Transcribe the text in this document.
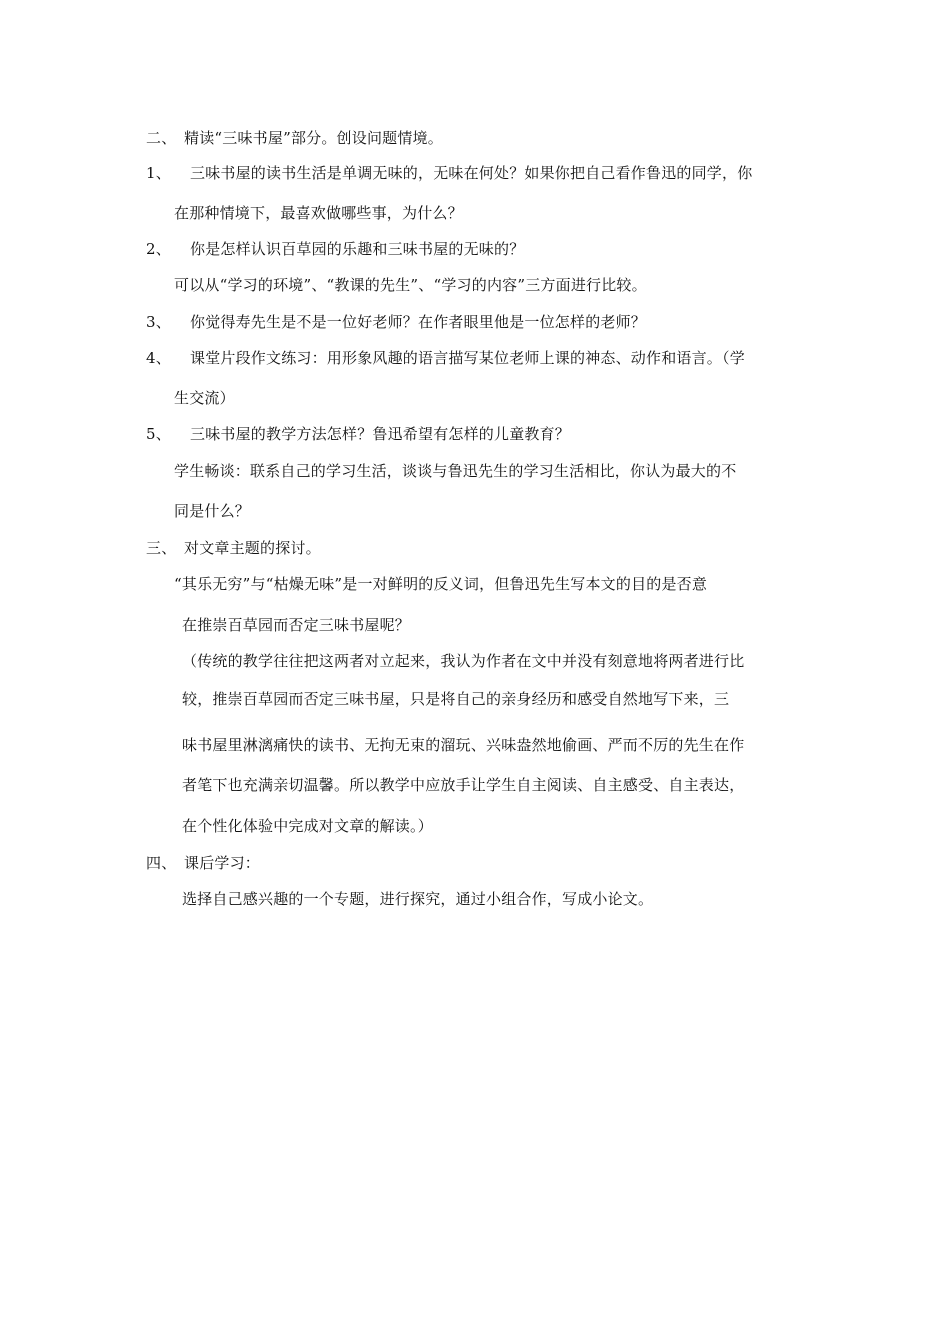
二、 精读“三味书屋”部分。创设问题情境。
1、 三味书屋的读书生活是单调无味的，无味在何处？如果你把自己看作鲁迅的同学，你
在那种情境下，最喜欢做哪些事，为什么？
2、 你是怎样认识百草园的乐趣和三味书屋的无味的？
可以从“学习的环境”、“教课的先生”、“学习的内容”三方面进行比较。
3、 你觉得寿先生是不是一位好老师？在作者眼里他是一位怎样的老师？
4、 课堂片段作文练习：用形象风趣的语言描写某位老师上课的神态、动作和语言。（学
生交流）
5、 三味书屋的教学方法怎样？鲁迅希望有怎样的儿童教育？
学生畅谈：联系自己的学习生活，谈谈与鲁迅先生的学习生活相比，你认为最大的不
同是什么？
三、 对文章主题的探讨。
“其乐无穷”与“枯燥无味”是一对鲜明的反义词，但鲁迅先生写本文的目的是否意
在推崇百草园而否定三味书屋呢？
（传统的教学往往把这两者对立起来，我认为作者在文中并没有刻意地将两者进行比
较，推崇百草园而否定三味书屋，只是将自己的亲身经历和感受自然地写下来，三
味书屋里淋漓痛快的读书、无拘无束的溜玩、兴味盎然地偷画、严而不厉的先生在作
者笔下也充满亲切温馨。所以教学中应放手让学生自主阅读、自主感受、自主表达，
在个性化体验中完成对文章的解读。）
四、 课后学习：
选择自己感兴趣的一个专题，进行探究，通过小组合作，写成小论文。
